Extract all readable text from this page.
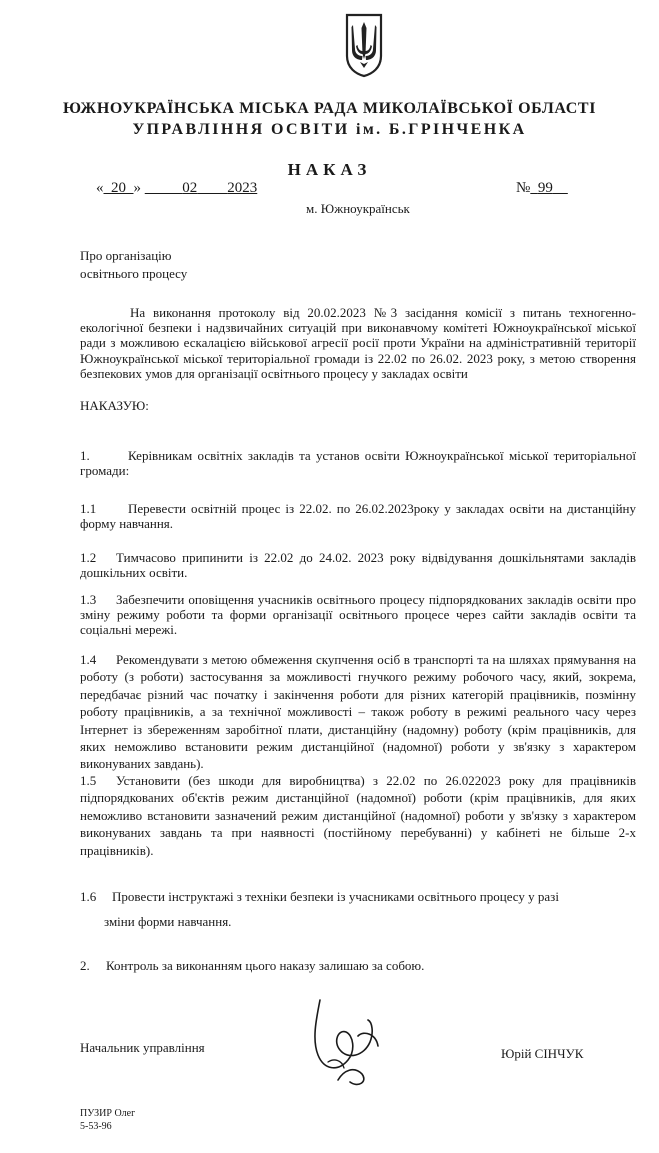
ЮЖНОУКРАЇНСЬКА МІСЬКА РАДА МИКОЛАЇВСЬКОЇ ОБЛАСТІ
УПРАВЛІННЯ ОСВІТИ ім. Б.ГРІНЧЕНКА
НАКАЗ
« 20 »	02 2023	№ 99
м. Южноукраїнськ
Про організацію
освітнього процесу
На виконання протоколу від 20.02.2023 №3 засідання комісії з питань техногенно-екологічної безпеки і надзвичайних ситуацій при виконавчому комітеті Южноукраїнської міської ради з можливою ескалацією військової агресії росії проти України на адміністративній території Южноукраїнської міської територіальної громади із 22.02 по 26.02. 2023 року, з метою створення безпекових умов для організації освітнього процесу у закладах освіти
НАКАЗУЮ:
1.	Керівникам освітніх закладів та установ освіти Южноукраїнської міської територіальної громади:
1.1 Перевести освітній процес із 22.02. по 26.02.2023року у закладах освіти на дистанційну форму навчання.
1.2 Тимчасово припинити із 22.02 до 24.02. 2023 року відвідування дошкільнятами закладів дошкільних освіти.
1.3 Забезпечити оповіщення учасників освітнього процесу підпорядкованих закладів освіти про зміну режиму роботи та форми організації освітнього процесе через сайти закладів освіти та соціальні мережі.
1.4 Рекомендувати з метою обмеження скупчення осіб в транспорті та на шляхах прямування на роботу (з роботи) застосування за можливості гнучкого режиму робочого часу, який, зокрема, передбачає різний час початку і закінчення роботи для різних категорій працівників, позмінну роботу працівників, а за технічної можливості – також роботу в режимі реального часу через Інтернет із збереженням заробітної плати, дистанційну (надомну) роботу (крім працівників, для яких неможливо встановити режим дистанційної (надомної) роботи у зв'язку з характером виконуваних завдань).
1.5 Установити (без шкоди для виробництва) з 22.02 по 26.022023 року для працівників підпорядкованих об'єктів режим дистанційної (надомної) роботи (крім працівників, для яких неможливо встановити зазначений режим дистанційної (надомної) роботи у зв'язку з характером виконуваних завдань та при наявності (постійному перебуванні) у кабінеті не більше 2-х працівників).
1.6 Провести інструктажі з техніки безпеки із учасниками освітнього процесу у разі
зміни форми навчання.
2. Контроль за виконанням цього наказу залишаю за собою.
Начальник управління	Юрій СІНЧУК
ПУЗИР Олег
5-53-96
